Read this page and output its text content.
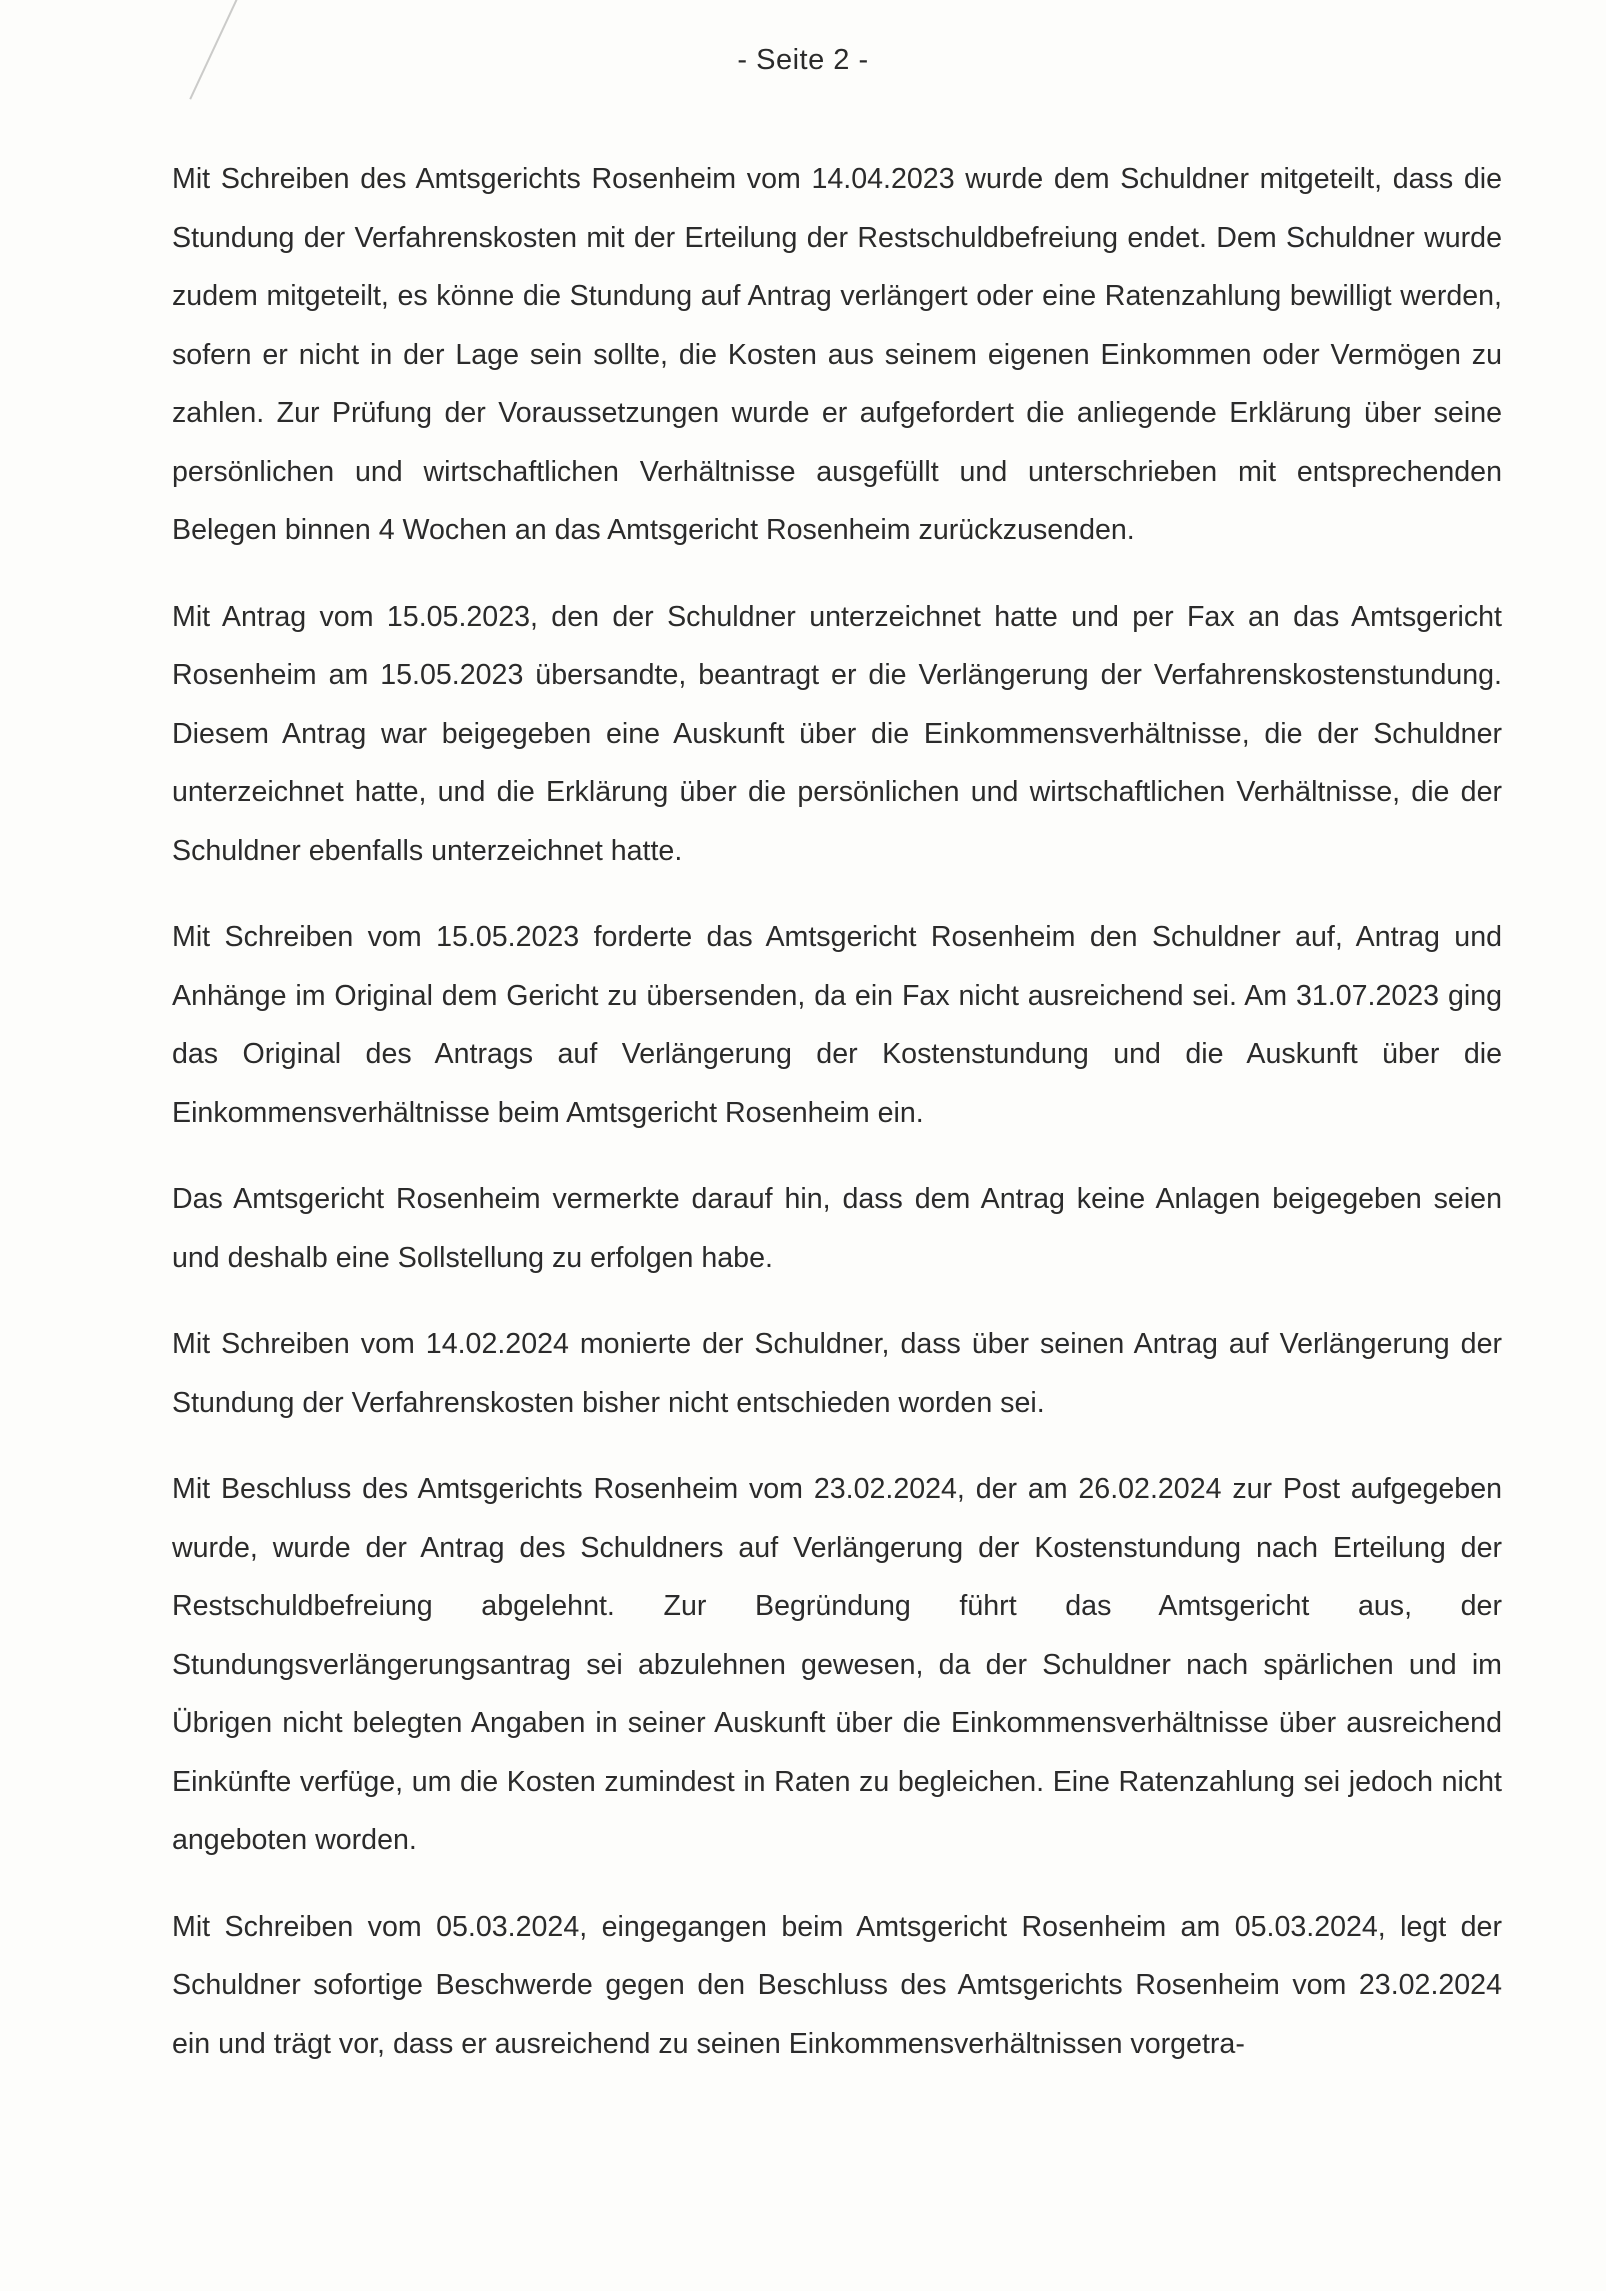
- Seite 2 -

Mit Schreiben des Amtsgerichts Rosenheim vom 14.04.2023 wurde dem Schuldner mitgeteilt, dass die Stundung der Verfahrenskosten mit der Erteilung der Restschuldbefreiung endet. Dem Schuldner wurde zudem mitgeteilt, es könne die Stundung auf Antrag verlängert oder eine Ratenzahlung bewilligt werden, sofern er nicht in der Lage sein sollte, die Kosten aus seinem eigenen Einkommen oder Vermögen zu zahlen. Zur Prüfung der Voraussetzungen wurde er aufgefordert die anliegende Erklärung über seine persönlichen und wirtschaftlichen Verhältnisse ausgefüllt und unterschrieben mit entsprechenden Belegen binnen 4 Wochen an das Amtsgericht Rosenheim zurückzusenden.

Mit Antrag vom 15.05.2023, den der Schuldner unterzeichnet hatte und per Fax an das Amtsgericht Rosenheim am 15.05.2023 übersandte, beantragt er die Verlängerung der Verfahrenskostenstundung. Diesem Antrag war beigegeben eine Auskunft über die Einkommensverhältnisse, die der Schuldner unterzeichnet hatte, und die Erklärung über die persönlichen und wirtschaftlichen Verhältnisse, die der Schuldner ebenfalls unterzeichnet hatte.

Mit Schreiben vom 15.05.2023 forderte das Amtsgericht Rosenheim den Schuldner auf, Antrag und Anhänge im Original dem Gericht zu übersenden, da ein Fax nicht ausreichend sei. Am 31.07.2023 ging das Original des Antrags auf Verlängerung der Kostenstundung und die Auskunft über die Einkommensverhältnisse beim Amtsgericht Rosenheim ein.

Das Amtsgericht Rosenheim vermerkte darauf hin, dass dem Antrag keine Anlagen beigegeben seien und deshalb eine Sollstellung zu erfolgen habe.

Mit Schreiben vom 14.02.2024 monierte der Schuldner, dass über seinen Antrag auf Verlängerung der Stundung der Verfahrenskosten bisher nicht entschieden worden sei.

Mit Beschluss des Amtsgerichts Rosenheim vom 23.02.2024, der am 26.02.2024 zur Post aufgegeben wurde, wurde der Antrag des Schuldners auf Verlängerung der Kostenstundung nach Erteilung der Restschuldbefreiung abgelehnt. Zur Begründung führt das Amtsgericht aus, der Stundungsverlängerungsantrag sei abzulehnen gewesen, da der Schuldner nach spärlichen und im Übrigen nicht belegten Angaben in seiner Auskunft über die Einkommensverhältnisse über ausreichend Einkünfte verfüge, um die Kosten zumindest in Raten zu begleichen. Eine Ratenzahlung sei jedoch nicht angeboten worden.

Mit Schreiben vom 05.03.2024, eingegangen beim Amtsgericht Rosenheim am 05.03.2024, legt der Schuldner sofortige Beschwerde gegen den Beschluss des Amtsgerichts Rosenheim vom 23.02.2024 ein und trägt vor, dass er ausreichend zu seinen Einkommensverhältnissen vorgetra-
